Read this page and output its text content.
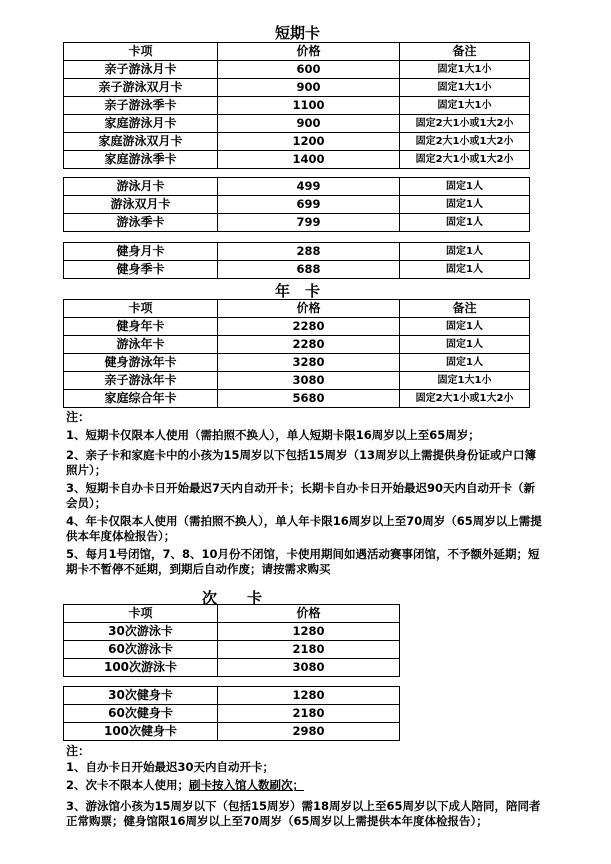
短期卡
卡项	价格	备注
亲子游泳月卡	600	固定1大1小
亲子游泳双月卡	900	固定1大1小
亲子游泳季卡	1100	固定1大1小
家庭游泳月卡	900	固定2大1小或1大2小
家庭游泳双月卡	1200	固定2大1小或1大2小
家庭游泳季卡	1400	固定2大1小或1大2小
游泳月卡	499	固定1人
游泳双月卡	699	固定1人
游泳季卡	799	固定1人
健身月卡	288	固定1人
健身季卡	688	固定1人
年　卡
卡项	价格	备注
健身年卡	2280	固定1人
游泳年卡	2280	固定1人
健身游泳年卡	3280	固定1人
亲子游泳年卡	3080	固定1大1小
家庭综合年卡	5680	固定2大1小或1大2小
注：
1、短期卡仅限本人使用（需拍照不换人），单人短期卡限16周岁以上至65周岁；
2、亲子卡和家庭卡中的小孩为15周岁以下包括15周岁（13周岁以上需提供身份证或户口簿照片）；
3、短期卡自办卡日开始最迟7天内自动开卡；长期卡自办卡日开始最迟90天内自动开卡（新会员）；
4、年卡仅限本人使用（需拍照不换人），单人年卡限16周岁以上至70周岁（65周岁以上需提供本年度体检报告）；
5、每月1号闭馆，7、8、10月份不闭馆，卡使用期间如遇活动赛事闭馆，不予额外延期；短期卡不暂停不延期，到期后自动作废；请按需求购买
次　　卡
卡项	价格
30次游泳卡	1280
60次游泳卡	2180
100次游泳卡	3080
30次健身卡	1280
60次健身卡	2180
100次健身卡	2980
注：
1、自办卡日开始最迟30天内自动开卡；
2、次卡不限本人使用；刷卡按入馆人数刷次；
3、游泳馆小孩为15周岁以下（包括15周岁）需18周岁以上至65周岁以下成人陪同，陪同者正常购票；健身馆限16周岁以上至70周岁（65周岁以上需提供本年度体检报告）；
